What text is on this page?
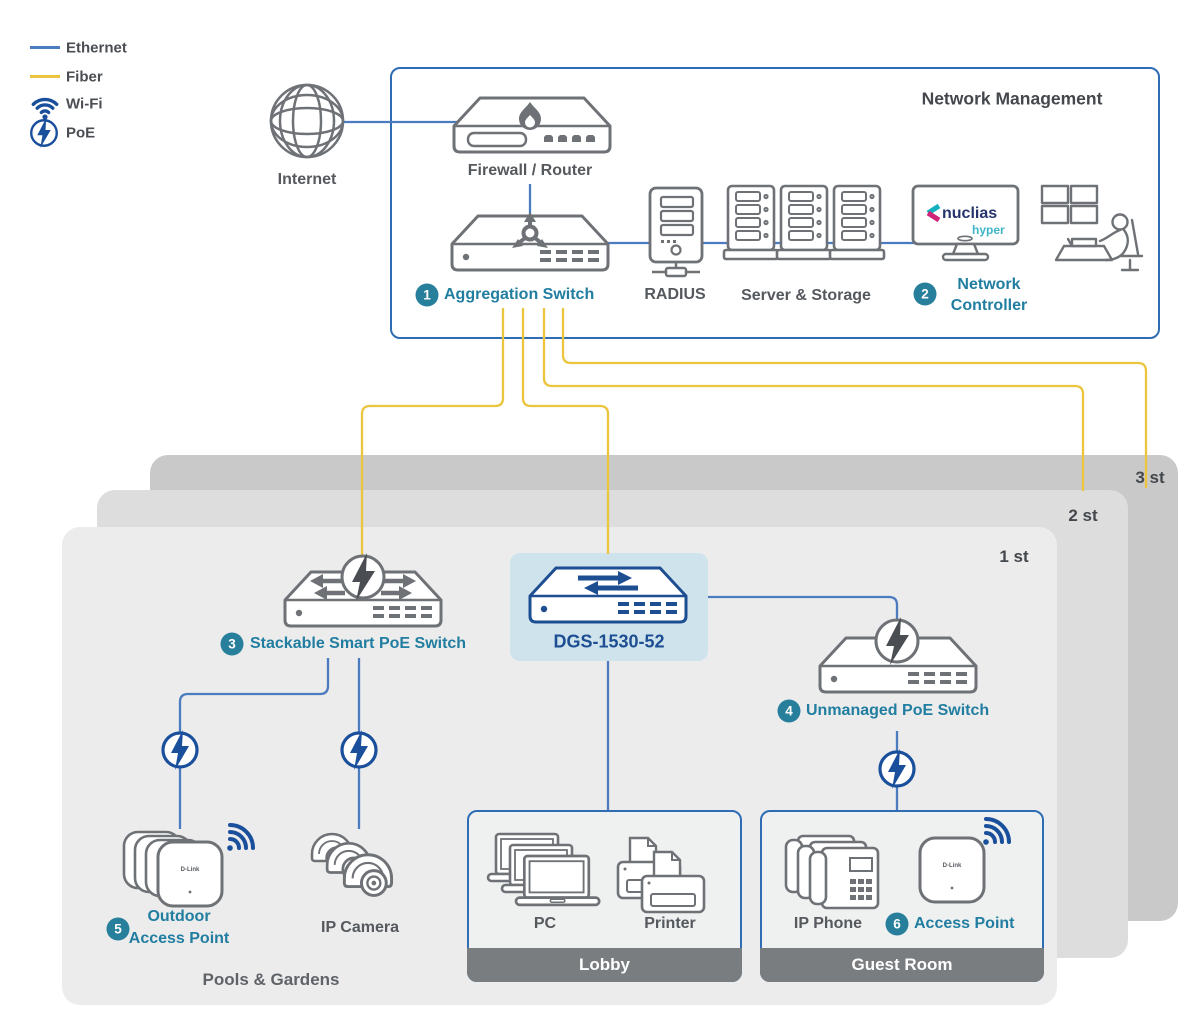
Lobby	Guest Room
Ethernet
Fiber
Wi-Fi
PoE
Network Management
Internet
Firewall / Router
1 Aggregation Switch	RADIUS Server & Storage	2
Network
Controller
nuclias
hyper
3 st
2 st
1 st
3 Stackable Smart PoE Switch	DGS-1530-52
4 Unmanaged PoE Switch
5
Outdoor
Access Point
IP Camera
Pools & Gardens
PC	Printer	IP Phone	6 Access Point
D-Link
D-Link
